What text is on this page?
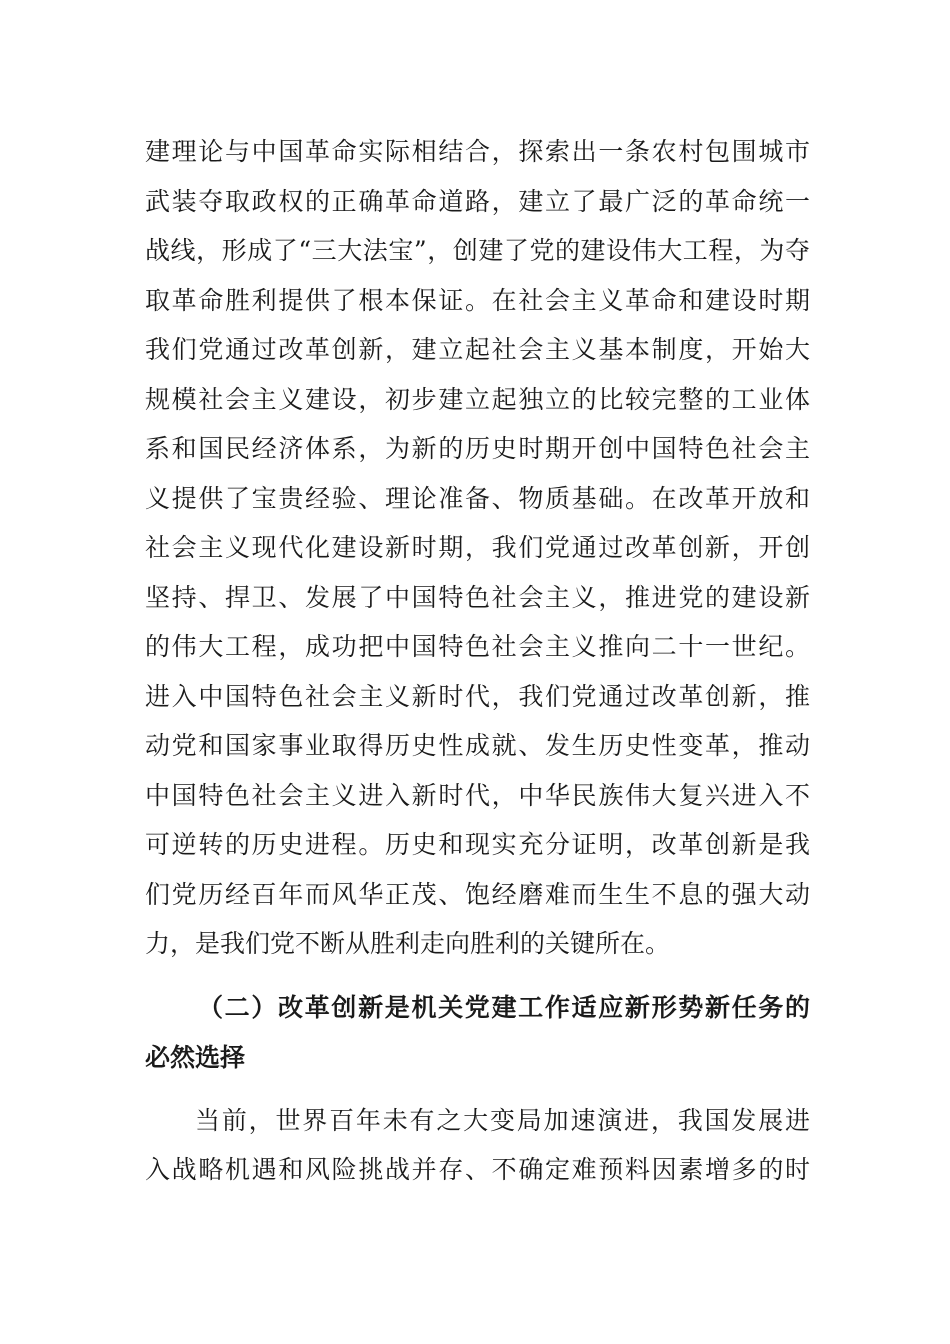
建理论与中国革命实际相结合，探索出一条农村包围城市
武装夺取政权的正确革命道路，建立了最广泛的革命统一
战线，形成了“三大法宝”，创建了党的建设伟大工程，为夺
取革命胜利提供了根本保证。在社会主义革命和建设时期
我们党通过改革创新，建立起社会主义基本制度，开始大
规模社会主义建设，初步建立起独立的比较完整的工业体
系和国民经济体系，为新的历史时期开创中国特色社会主
义提供了宝贵经验、理论准备、物质基础。在改革开放和
社会主义现代化建设新时期，我们党通过改革创新，开创
坚持、捍卫、发展了中国特色社会主义，推进党的建设新
的伟大工程，成功把中国特色社会主义推向二十一世纪。
进入中国特色社会主义新时代，我们党通过改革创新，推
动党和国家事业取得历史性成就、发生历史性变革，推动
中国特色社会主义进入新时代，中华民族伟大复兴进入不
可逆转的历史进程。历史和现实充分证明，改革创新是我
们党历经百年而风华正茂、饱经磨难而生生不息的强大动
力，是我们党不断从胜利走向胜利的关键所在。
（二）改革创新是机关党建工作适应新形势新任务的
必然选择
当前，世界百年未有之大变局加速演进，我国发展进
入战略机遇和风险挑战并存、不确定难预料因素增多的时
